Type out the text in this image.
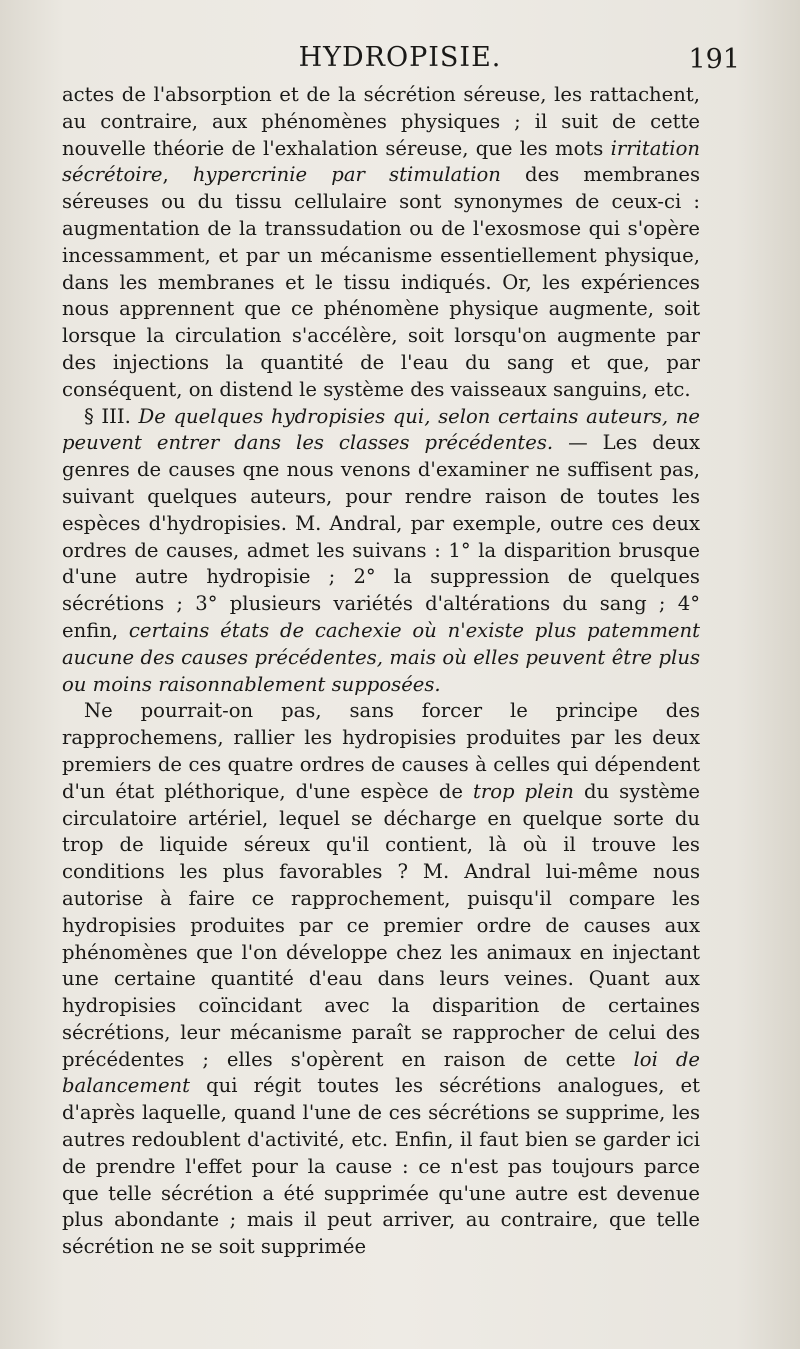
HYDROPISIE.	191

actes de l'absorption et de la sécrétion séreuse, les rattachent, au contraire, aux phénomènes physiques ; il suit de cette nouvelle théorie de l'exhalation séreuse, que les mots irritation sécrétoire, hypercrinie par stimulation des membranes séreuses ou du tissu cellulaire sont synonymes de ceux-ci : augmentation de la transsudation ou de l'exosmose qui s'opère incessamment, et par un mécanisme essentiellement physique, dans les membranes et le tissu indiqués. Or, les expériences nous apprennent que ce phénomène physique augmente, soit lorsque la circulation s'accélère, soit lorsqu'on augmente par des injections la quantité de l'eau du sang et que, par conséquent, on distend le système des vaisseaux sanguins, etc.

§ III. De quelques hydropisies qui, selon certains auteurs, ne peuvent entrer dans les classes précédentes. — Les deux genres de causes qne nous venons d'examiner ne suffisent pas, suivant quelques auteurs, pour rendre raison de toutes les espèces d'hydropisies. M. Andral, par exemple, outre ces deux ordres de causes, admet les suivans : 1° la disparition brusque d'une autre hydropisie ; 2° la suppression de quelques sécrétions ; 3° plusieurs variétés d'altérations du sang ; 4° enfin, certains états de cachexie où n'existe plus patemment aucune des causes précédentes, mais où elles peuvent être plus ou moins raisonnablement supposées.

Ne pourrait-on pas, sans forcer le principe des rapprochemens, rallier les hydropisies produites par les deux premiers de ces quatre ordres de causes à celles qui dépendent d'un état pléthorique, d'une espèce de trop plein du système circulatoire artériel, lequel se décharge en quelque sorte du trop de liquide séreux qu'il contient, là où il trouve les conditions les plus favorables ? M. Andral lui-même nous autorise à faire ce rapprochement, puisqu'il compare les hydropisies produites par ce premier ordre de causes aux phénomènes que l'on développe chez les animaux en injectant une certaine quantité d'eau dans leurs veines. Quant aux hydropisies coïncidant avec la disparition de certaines sécrétions, leur mécanisme paraît se rapprocher de celui des précédentes ; elles s'opèrent en raison de cette loi de balancement qui régit toutes les sécrétions analogues, et d'après laquelle, quand l'une de ces sécrétions se supprime, les autres redoublent d'activité, etc. Enfin, il faut bien se garder ici de prendre l'effet pour la cause : ce n'est pas toujours parce que telle sécrétion a été supprimée qu'une autre est devenue plus abondante ; mais il peut arriver, au contraire, que telle sécrétion ne se soit supprimée
